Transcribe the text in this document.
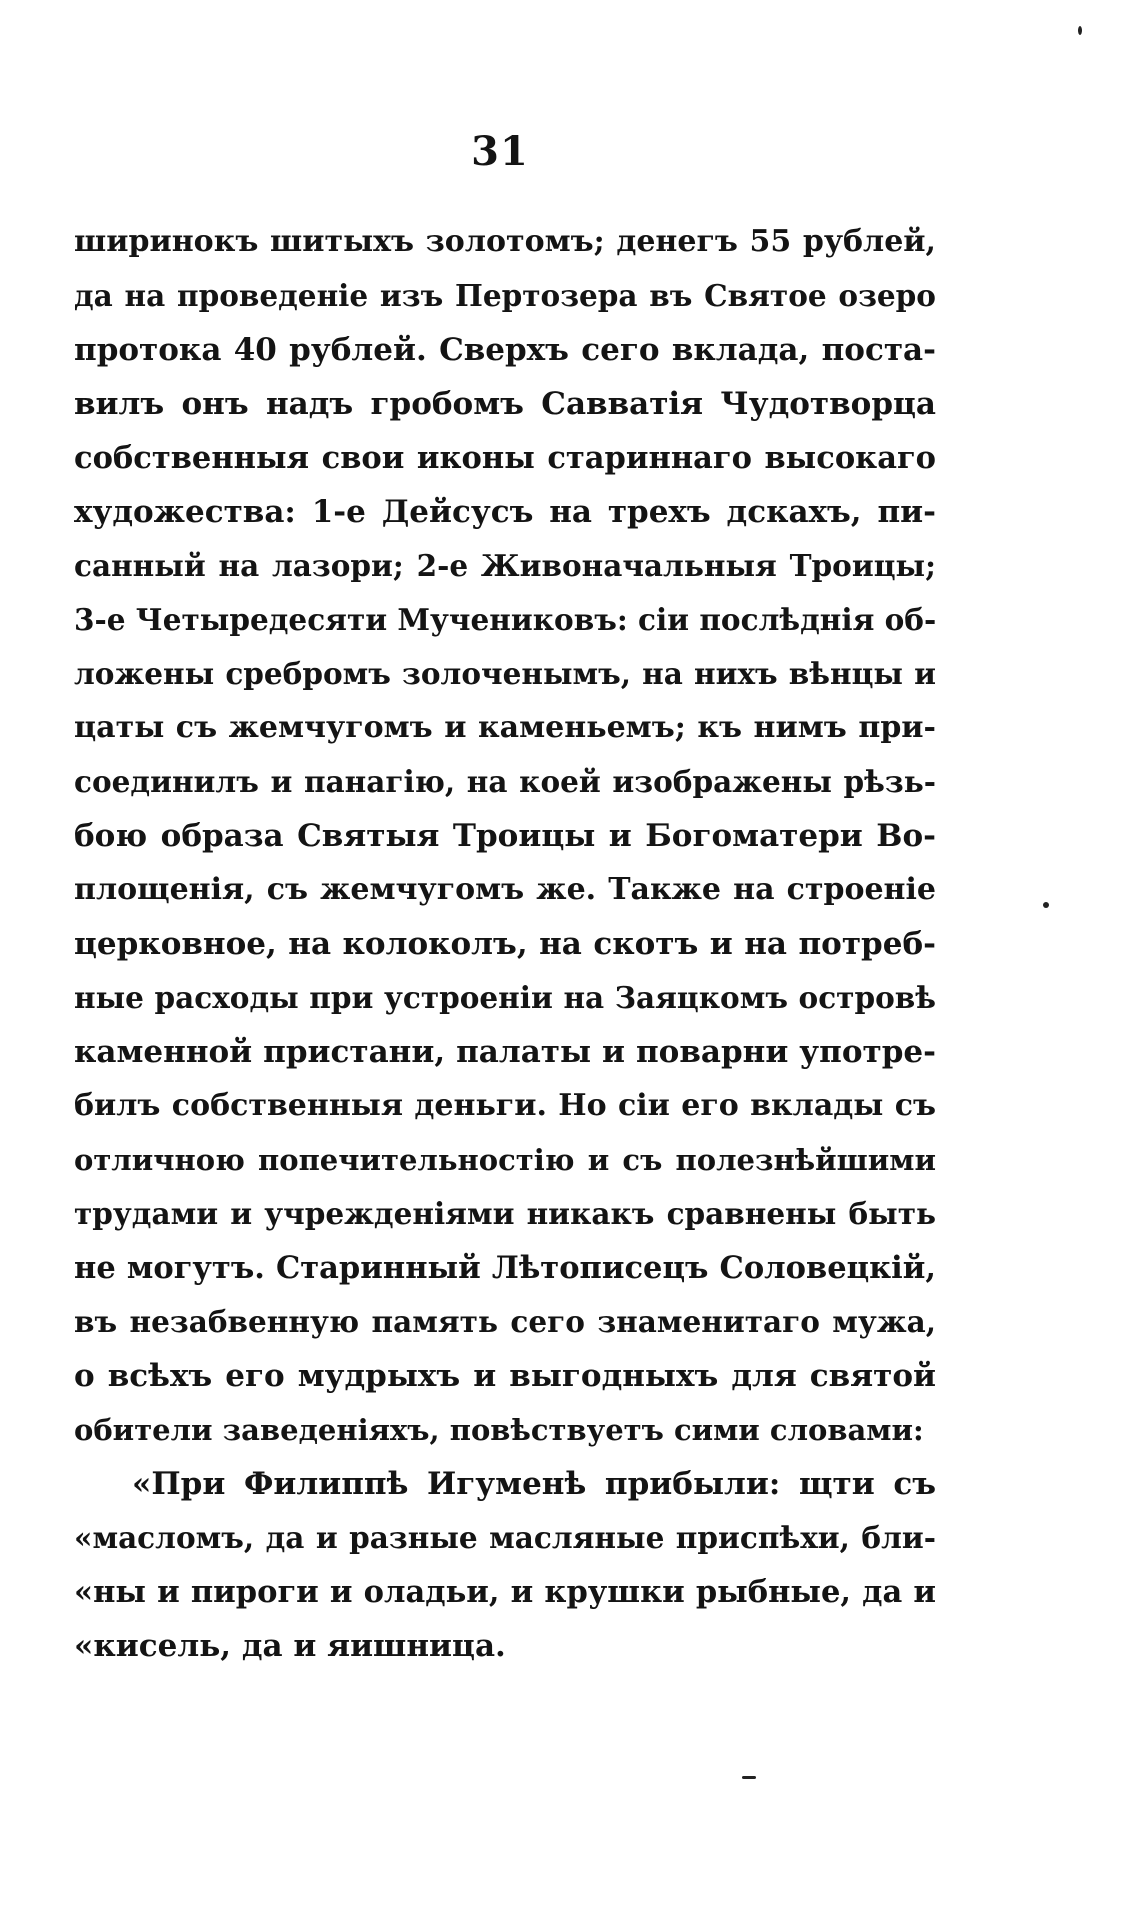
31
ширинокъ шитыхъ золотомъ; денегъ 55 рублей,
да на проведеніе изъ Пертозера въ Святое озеро
протока 40 рублей. Сверхъ сего вклада, поста-
вилъ онъ надъ гробомъ Савватія Чудотворца
собственныя свои иконы стариннаго высокаго
художества: 1-е Дейсусъ на трехъ дскахъ, пи-
санный на лазори; 2-е Живоначальныя Троицы;
3-е Четыредесяти Мучениковъ: сіи послѣднія об-
ложены сребромъ золоченымъ, на нихъ вѣнцы и
цаты съ жемчугомъ и каменьемъ; къ нимъ при-
соединилъ и панагію, на коей изображены рѣзь-
бою образа Святыя Троицы и Богоматери Во-
площенія, съ жемчугомъ же. Также на строеніе
церковное, на колоколъ, на скотъ и на потреб-
ные расходы при устроеніи на Заяцкомъ островѣ
каменной пристани, палаты и поварни употре-
билъ собственныя деньги. Но сіи его вклады съ
отличною попечительностію и съ полезнѣйшими
трудами и учрежденіями никакъ сравнены быть
не могутъ. Старинный Лѣтописецъ Соловецкій,
въ незабвенную память сего знаменитаго мужа,
о всѣхъ его мудрыхъ и выгодныхъ для святой
обители заведеніяхъ, повѣствуетъ сими словами:
«При Филиппѣ Игуменѣ прибыли: щти съ
«масломъ, да и разные масляные приспѣхи, бли-
«ны и пироги и оладьи, и крушки рыбные, да и
«кисель, да и яишница.
